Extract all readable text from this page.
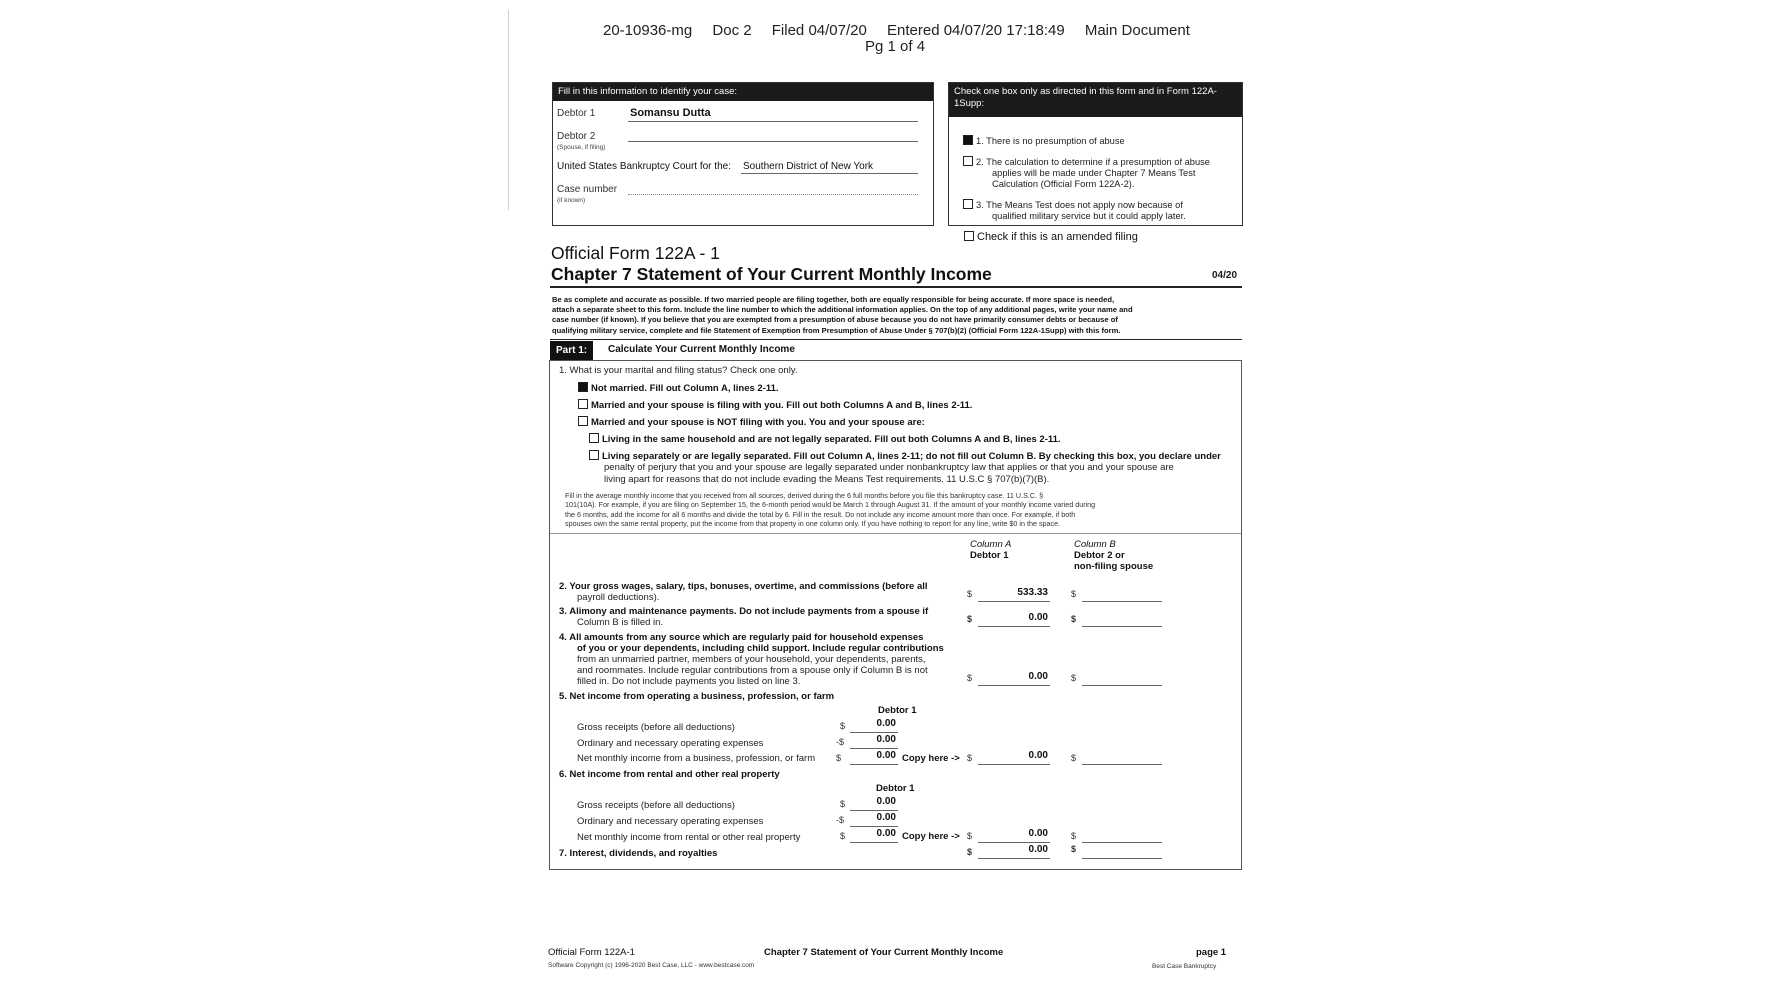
20-10936-mg Doc 2 Filed 04/07/20 Entered 04/07/20 17:18:49 Main Document
Pg 1 of 4
Fill in this information to identify your case:
Debtor 1	Somansu Dutta
Debtor 2
(Spouse, if filing)
United States Bankruptcy Court for the: Southern District of New York
Case number
(if known)
Check one box only as directed in this form and in Form 122A-1Supp:
1. There is no presumption of abuse
2. The calculation to determine if a presumption of abuse
applies will be made under Chapter 7 Means Test
Calculation (Official Form 122A-2).
3. The Means Test does not apply now because of
qualified military service but it could apply later.
Check if this is an amended filing
Official Form 122A - 1
Chapter 7 Statement of Your Current Monthly Income	04/20
Be as complete and accurate as possible. If two married people are filing together, both are equally responsible for being accurate. If more space is needed,
attach a separate sheet to this form. Include the line number to which the additional information applies. On the top of any additional pages, write your name and
case number (if known). If you believe that you are exempted from a presumption of abuse because you do not have primarily consumer debts or because of
qualifying military service, complete and file Statement of Exemption from Presumption of Abuse Under § 707(b)(2) (Official Form 122A-1Supp) with this form.
Part 1:	Calculate Your Current Monthly Income
1. What is your marital and filing status? Check one only.
Not married. Fill out Column A, lines 2-11.
Married and your spouse is filing with you. Fill out both Columns A and B, lines 2-11.
Married and your spouse is NOT filing with you. You and your spouse are:
Living in the same household and are not legally separated. Fill out both Columns A and B, lines 2-11.
Living separately or are legally separated. Fill out Column A, lines 2-11; do not fill out Column B. By checking this box, you declare under
penalty of perjury that you and your spouse are legally separated under nonbankruptcy law that applies or that you and your spouse are
living apart for reasons that do not include evading the Means Test requirements. 11 U.S.C § 707(b)(7)(B).
Fill in the average monthly income that you received from all sources, derived during the 6 full months before you file this bankruptcy case. 11 U.S.C. §
101(10A). For example, if you are filing on September 15, the 6-month period would be March 1 through August 31. If the amount of your monthly income varied during
the 6 months, add the income for all 6 months and divide the total by 6. Fill in the result. Do not include any income amount more than once. For example, if both
spouses own the same rental property, put the income from that property in one column only. If you have nothing to report for any line, write $0 in the space.
Column A
Debtor 1
Column B
Debtor 2 or
non-filing spouse
2. Your gross wages, salary, tips, bonuses, overtime, and commissions (before all
payroll deductions).	$	533.33	$
3. Alimony and maintenance payments. Do not include payments from a spouse if
Column B is filled in.	$	0.00	$
4. All amounts from any source which are regularly paid for household expenses
of you or your dependents, including child support. Include regular contributions
from an unmarried partner, members of your household, your dependents, parents,
and roommates. Include regular contributions from a spouse only if Column B is not
filled in. Do not include payments you listed on line 3.	$	0.00	$
5. Net income from operating a business, profession, or farm
Debtor 1
Gross receipts (before all deductions)	$	0.00
Ordinary and necessary operating expenses	-$	0.00
Net monthly income from a business, profession, or farm $	0.00 Copy here -> $	0.00	$
6. Net income from rental and other real property
Debtor 1
Gross receipts (before all deductions)	$	0.00
Ordinary and necessary operating expenses	-$	0.00
Net monthly income from rental or other real property	$	0.00 Copy here -> $	0.00	$
7. Interest, dividends, and royalties	$	0.00	$
Official Form 122A-1	Chapter 7 Statement of Your Current Monthly Income	page 1
Software Copyright (c) 1996-2020 Best Case, LLC - www.bestcase.com	Best Case Bankruptcy
